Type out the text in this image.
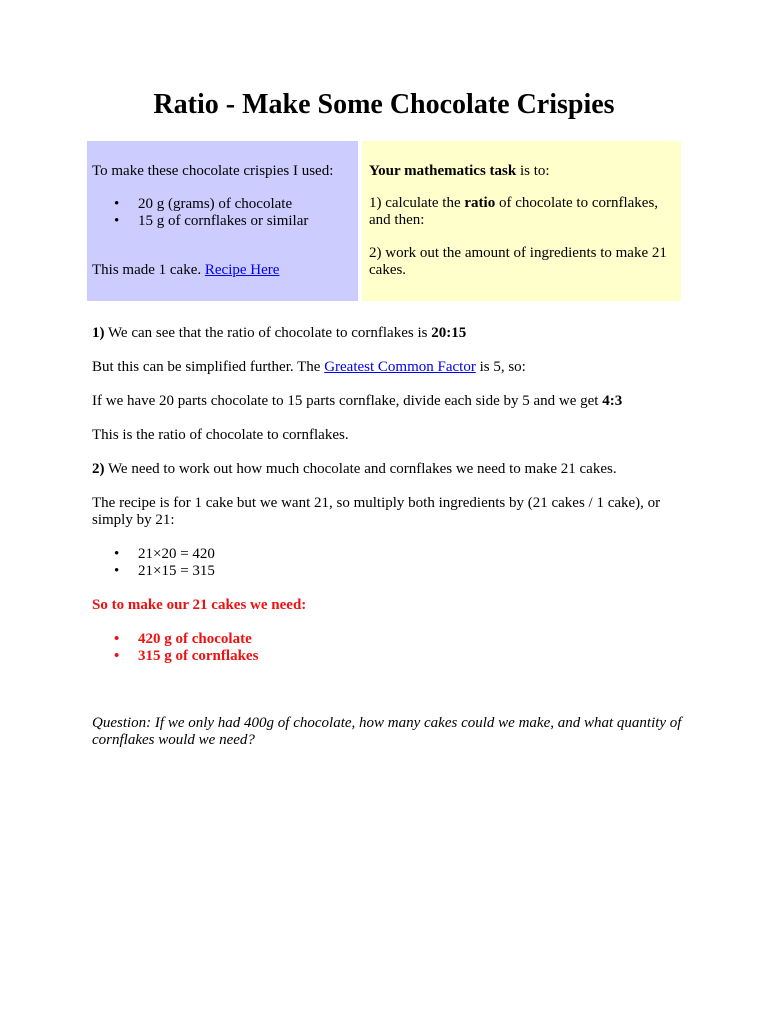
Ratio - Make Some Chocolate Crispies

To make these chocolate crispies I used:

• 20 g (grams) of chocolate
• 15 g of cornflakes or similar

This made 1 cake. Recipe Here

Your mathematics task is to:

1) calculate the ratio of chocolate to cornflakes, and then:

2) work out the amount of ingredients to make 21 cakes.

1) We can see that the ratio of chocolate to cornflakes is 20:15

But this can be simplified further. The Greatest Common Factor is 5, so:

If we have 20 parts chocolate to 15 parts cornflake, divide each side by 5 and we get 4:3

This is the ratio of chocolate to cornflakes.

2) We need to work out how much chocolate and cornflakes we need to make 21 cakes.

The recipe is for 1 cake but we want 21, so multiply both ingredients by (21 cakes / 1 cake), or simply by 21:

• 21×20 = 420
• 21×15 = 315

So to make our 21 cakes we need:

• 420 g of chocolate
• 315 g of cornflakes

Question: If we only had 400g of chocolate, how many cakes could we make, and what quantity of cornflakes would we need?
